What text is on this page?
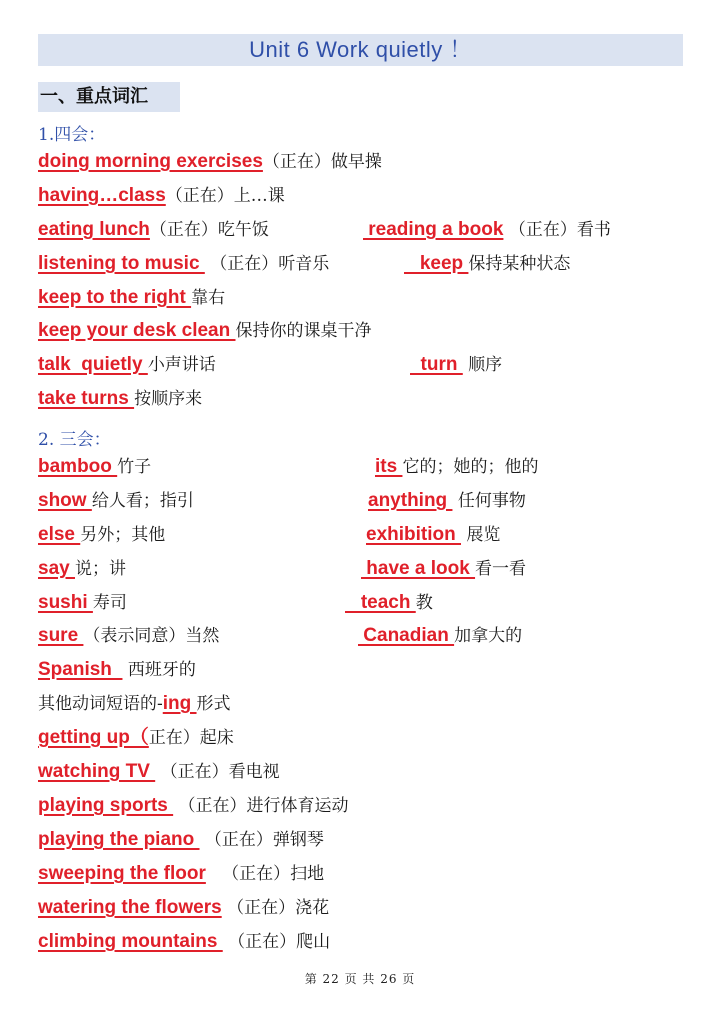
Unit 6 Work quietly ！
一、重点词汇
1.四会：
doing morning exercises（正在）做早操
having…class（正在）上…课
eating lunch（正在）吃午饭	reading a book （正在）看书
listening to music  （正在）听音乐	keep 保持某种状态
keep to the right 靠右
keep your desk clean 保持你的课桌干净
talk  quietly 小声讲话	turn  顺序
take turns 按顺序来
2. 三会：
bamboo 竹子	its 它的；她的；他的
show 给人看；指引	anything  任何事物
else 另外；其他	exhibition  展览
say 说；讲	have a look 看一看
sushi 寿司	teach 教
sure （表示同意）当然	Canadian 加拿大的
Spanish   西班牙的
其他动词短语的-ing 形式
getting up（正在）起床
watching TV  （正在）看电视
playing sports  （正在）进行体育运动
playing the piano  （正在）弹钢琴
sweeping the floor   （正在）扫地
watering the flowers （正在）浇花
climbing mountains  （正在）爬山
第 22 页 共 26 页
